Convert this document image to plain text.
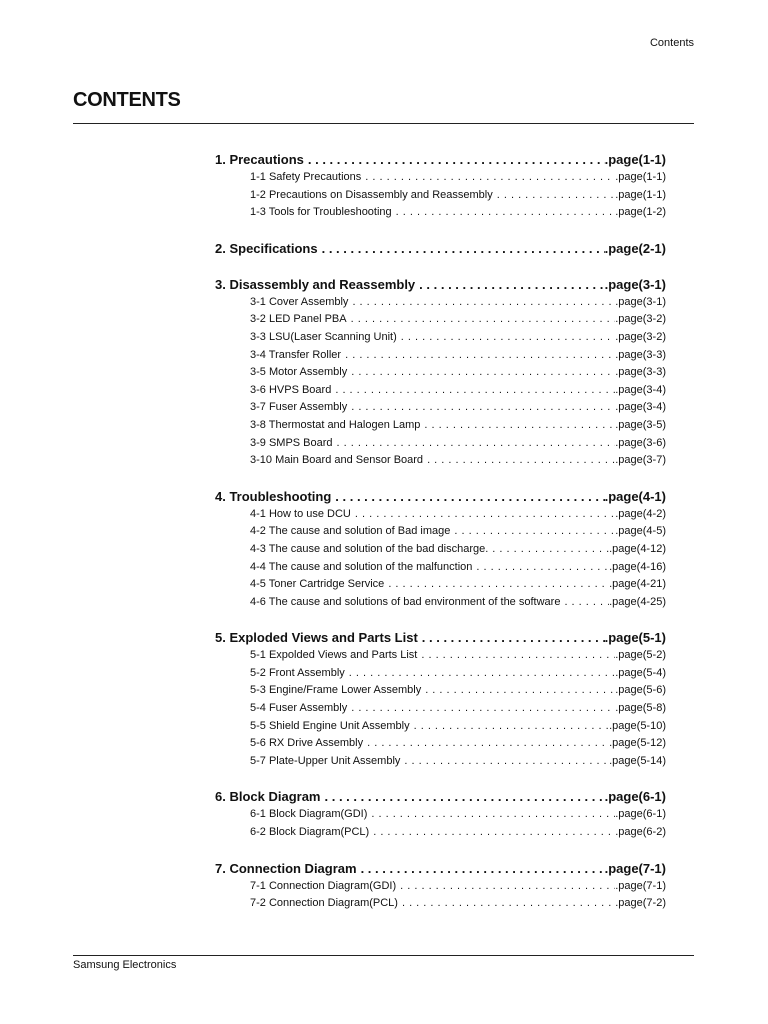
Contents
CONTENTS
1. Precautions . . .	.page(1-1)
1-1 Safety Precautions . . .	.page(1-1)
1-2 Precautions on Disassembly and Reassembly . . .	.page(1-1)
1-3 Tools for Troubleshooting . . .	.page(1-2)
2. Specifications . . .	.page(2-1)
3. Disassembly and Reassembly . . .	.page(3-1)
3-1 Cover Assembly . . .	.page(3-1)
3-2 LED Panel PBA . . .	.page(3-2)
3-3 LSU(Laser Scanning Unit) . . .	.page(3-2)
3-4 Transfer Roller . . .	.page(3-3)
3-5 Motor Assembly . . .	.page(3-3)
3-6 HVPS Board . . .	.page(3-4)
3-7 Fuser Assembly . . .	.page(3-4)
3-8 Thermostat and Halogen Lamp . . .	.page(3-5)
3-9 SMPS Board . . .	.page(3-6)
3-10 Main Board and Sensor Board . . .	.page(3-7)
4. Troubleshooting . . .	.page(4-1)
4-1 How to use DCU . . .	.page(4-2)
4-2 The cause and solution of Bad image . . .	.page(4-5)
4-3 The cause and solution of the bad discharge. . . .	.page(4-12)
4-4 The cause and solution of the malfunction . . .	.page(4-16)
4-5 Toner Cartridge Service . . .	.page(4-21)
4-6 The cause and solutions of bad environment of the software . . .	.page(4-25)
5. Exploded Views and Parts List . . .	.page(5-1)
5-1 Expolded Views and Parts List . . .	.page(5-2)
5-2 Front Assembly . . .	.page(5-4)
5-3 Engine/Frame Lower Assembly . . .	.page(5-6)
5-4 Fuser Assembly . . .	.page(5-8)
5-5 Shield Engine Unit Assembly . . .	.page(5-10)
5-6 RX Drive Assembly . . .	.page(5-12)
5-7 Plate-Upper Unit Assembly . . .	.page(5-14)
6. Block Diagram . . .	.page(6-1)
6-1 Block Diagram(GDI) . . .	.page(6-1)
6-2 Block Diagram(PCL) . . .	.page(6-2)
7. Connection Diagram . . .	.page(7-1)
7-1 Connection Diagram(GDI) . . .	.page(7-1)
7-2 Connection Diagram(PCL) . . .	.page(7-2)
Samsung Electronics
